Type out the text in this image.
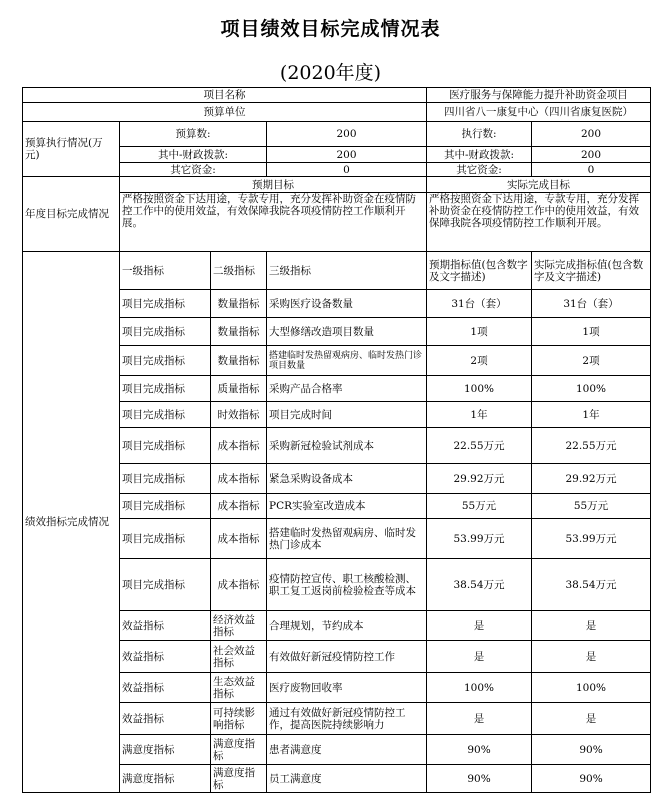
项目绩效目标完成情况表
(2020年度)
项目名称				医疗服务与保障能力提升补助资金项目	
预算单位				四川省八一康复中心（四川省康复医院）	
预算执行情况(万元)	预算数:		200	执行数:	200
	其中-财政拨款:		200	其中-财政拨款:	200
	其它资金:		0	其它资金:	0
年度目标完成情况	预期目标			实际完成目标	
	严格按照资金下达用途，专款专用，充分发挥补助资金在疫情防控工作中的使用效益，有效保障我院各项疫情防控工作顺利开展。			严格按照资金下达用途，专款专用，充分发挥补助资金在疫情防控工作中的使用效益，有效保障我院各项疫情防控工作顺利开展。	
绩效指标完成情况	一级指标	二级指标	三级指标	预期指标值(包含数字及文字描述)	实际完成指标值(包含数字及文字描述)
	项目完成指标	数量指标	采购医疗设备数量	31台（套）	31台（套）
	项目完成指标	数量指标	大型修缮改造项目数量	1项	1项
	项目完成指标	数量指标	搭建临时发热留观病房、临时发热门诊项目数量	2项	2项
	项目完成指标	质量指标	采购产品合格率	100%	100%
	项目完成指标	时效指标	项目完成时间	1年	1年
	项目完成指标	成本指标	采购新冠检验试剂成本	22.55万元	22.55万元
	项目完成指标	成本指标	紧急采购设备成本	29.92万元	29.92万元
	项目完成指标	成本指标	PCR实验室改造成本	55万元	55万元
	项目完成指标	成本指标	搭建临时发热留观病房、临时发热门诊成本	53.99万元	53.99万元
	项目完成指标	成本指标	疫情防控宣传、职工核酸检测、职工复工返岗前检验检查等成本	38.54万元	38.54万元
	效益指标	经济效益指标	合理规划，节约成本	是	是
	效益指标	社会效益指标	有效做好新冠疫情防控工作	是	是
	效益指标	生态效益指标	医疗废物回收率	100%	100%
	效益指标	可持续影响指标	通过有效做好新冠疫情防控工作，提高医院持续影响力	是	是
	满意度指标	满意度指标	患者满意度	90%	90%
	满意度指标	满意度指标	员工满意度	90%	90%
